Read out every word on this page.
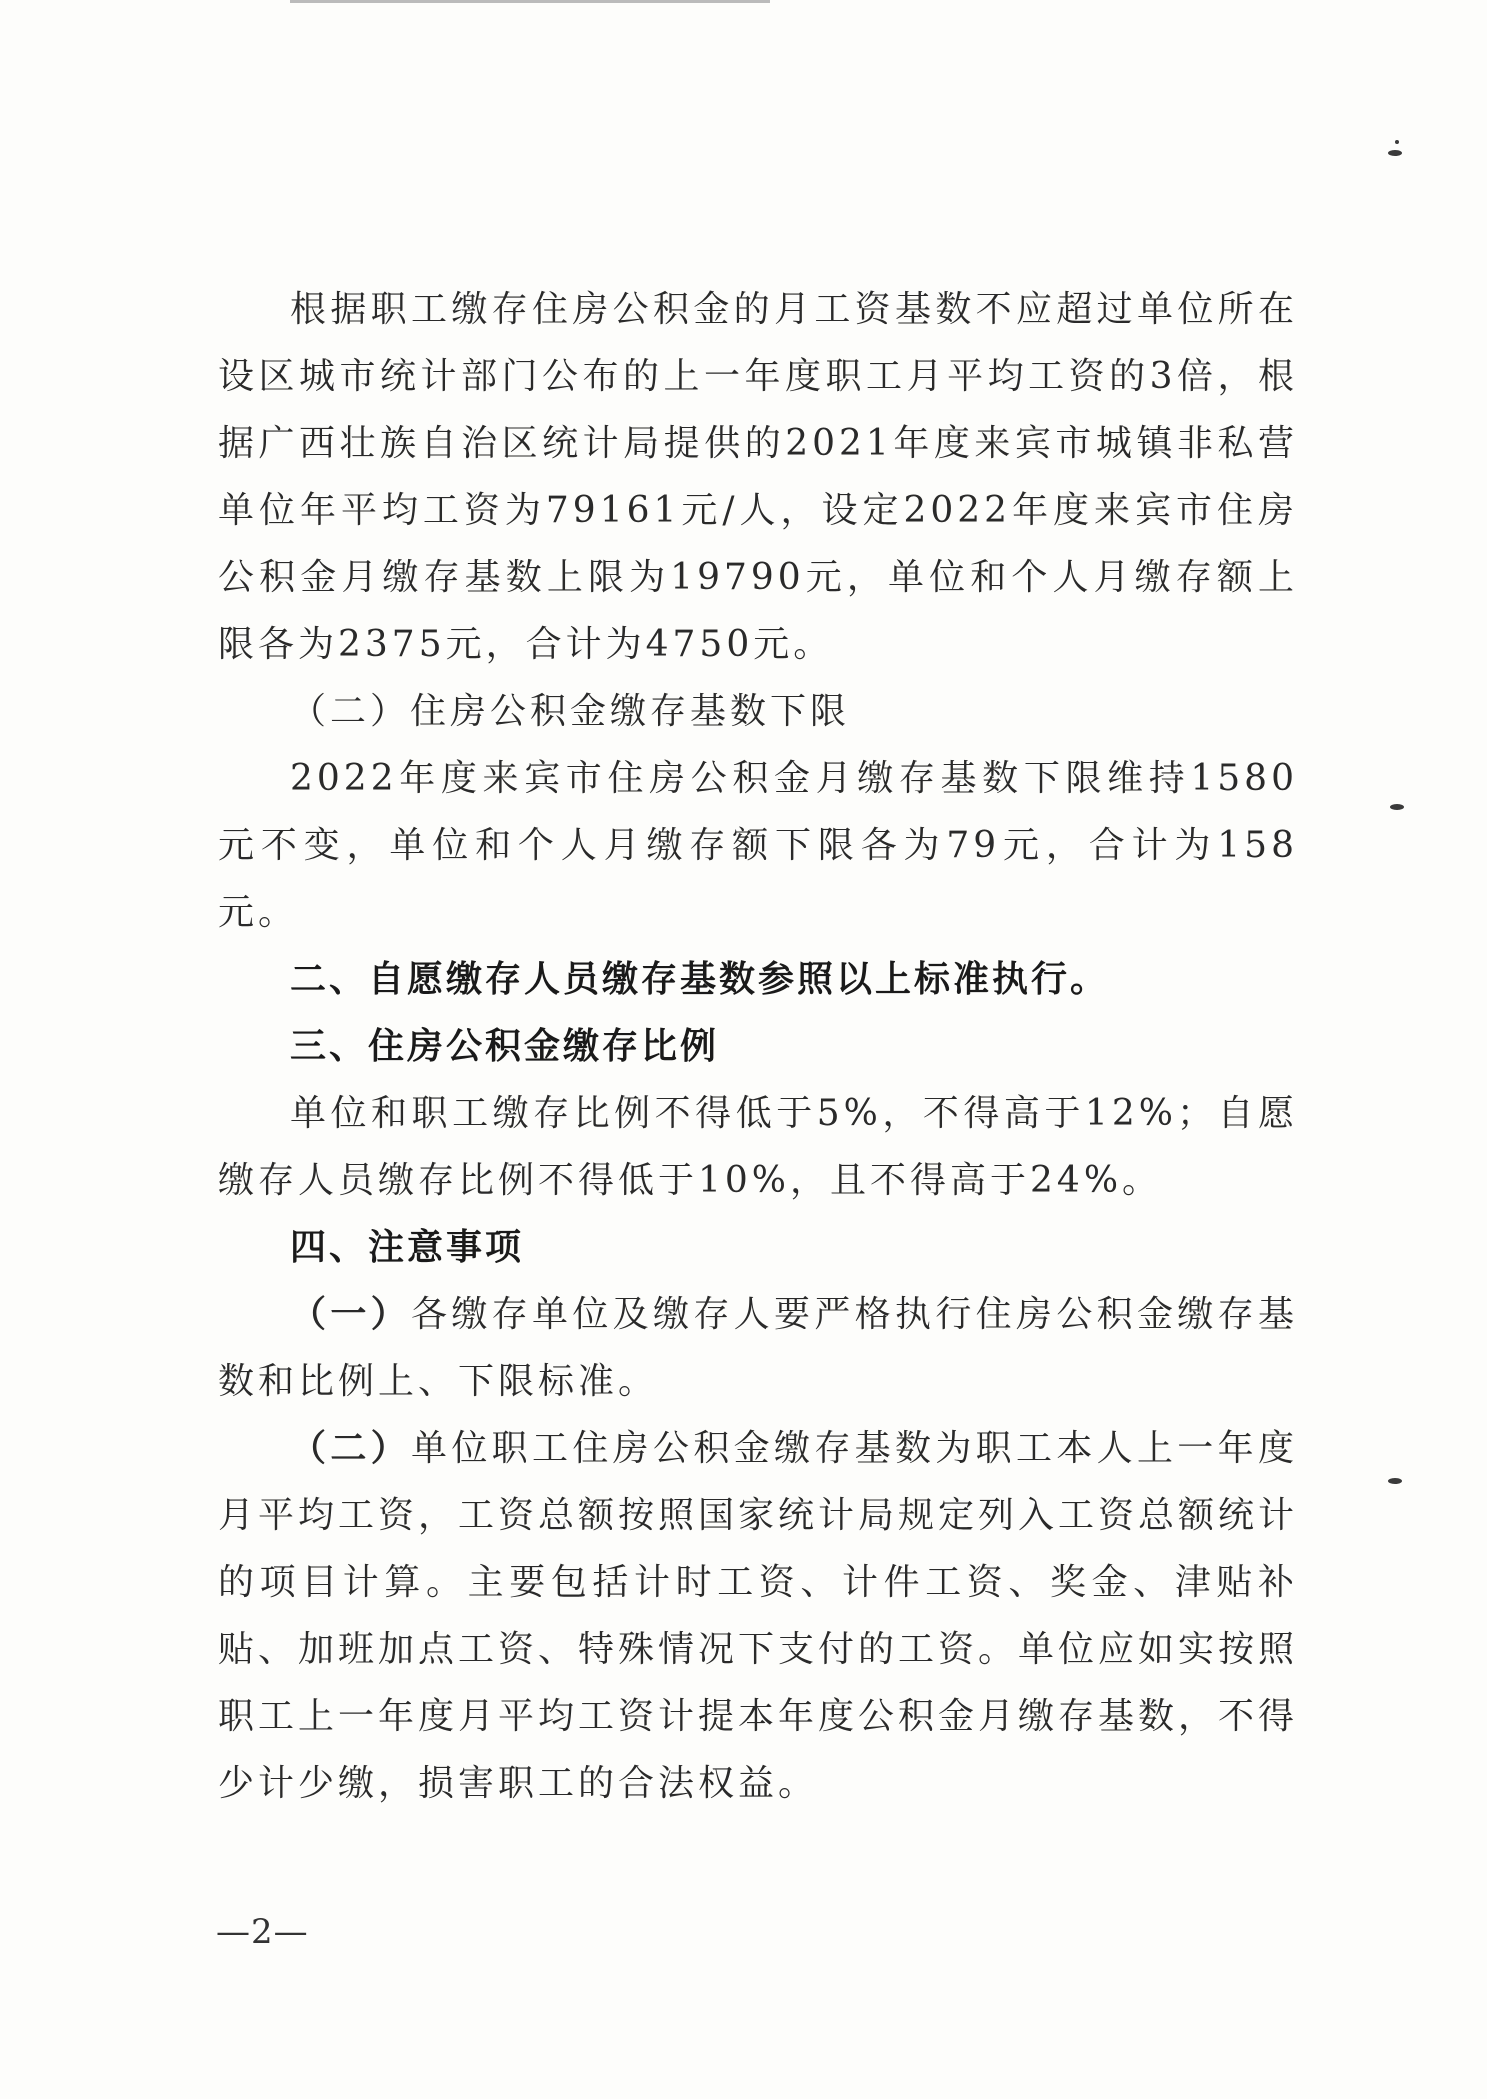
根据职工缴存住房公积金的月工资基数不应超过单位所在设区城市统计部门公布的上一年度职工月平均工资的3倍，根据广西壮族自治区统计局提供的2021年度来宾市城镇非私营单位年平均工资为79161元/人，设定2022年度来宾市住房公积金月缴存基数上限为19790元，单位和个人月缴存额上限各为2375元，合计为4750元。

（二）住房公积金缴存基数下限

2022年度来宾市住房公积金月缴存基数下限维持1580元不变，单位和个人月缴存额下限各为79元，合计为158元。

二、自愿缴存人员缴存基数参照以上标准执行。

三、住房公积金缴存比例

单位和职工缴存比例不得低于5%，不得高于12%；自愿缴存人员缴存比例不得低于10%，且不得高于24%。

四、注意事项

（一）各缴存单位及缴存人要严格执行住房公积金缴存基数和比例上、下限标准。

（二）单位职工住房公积金缴存基数为职工本人上一年度月平均工资，工资总额按照国家统计局规定列入工资总额统计的项目计算。主要包括计时工资、计件工资、奖金、津贴补贴、加班加点工资、特殊情况下支付的工资。单位应如实按照职工上一年度月平均工资计提本年度公积金月缴存基数，不得少计少缴，损害职工的合法权益。

—2—
